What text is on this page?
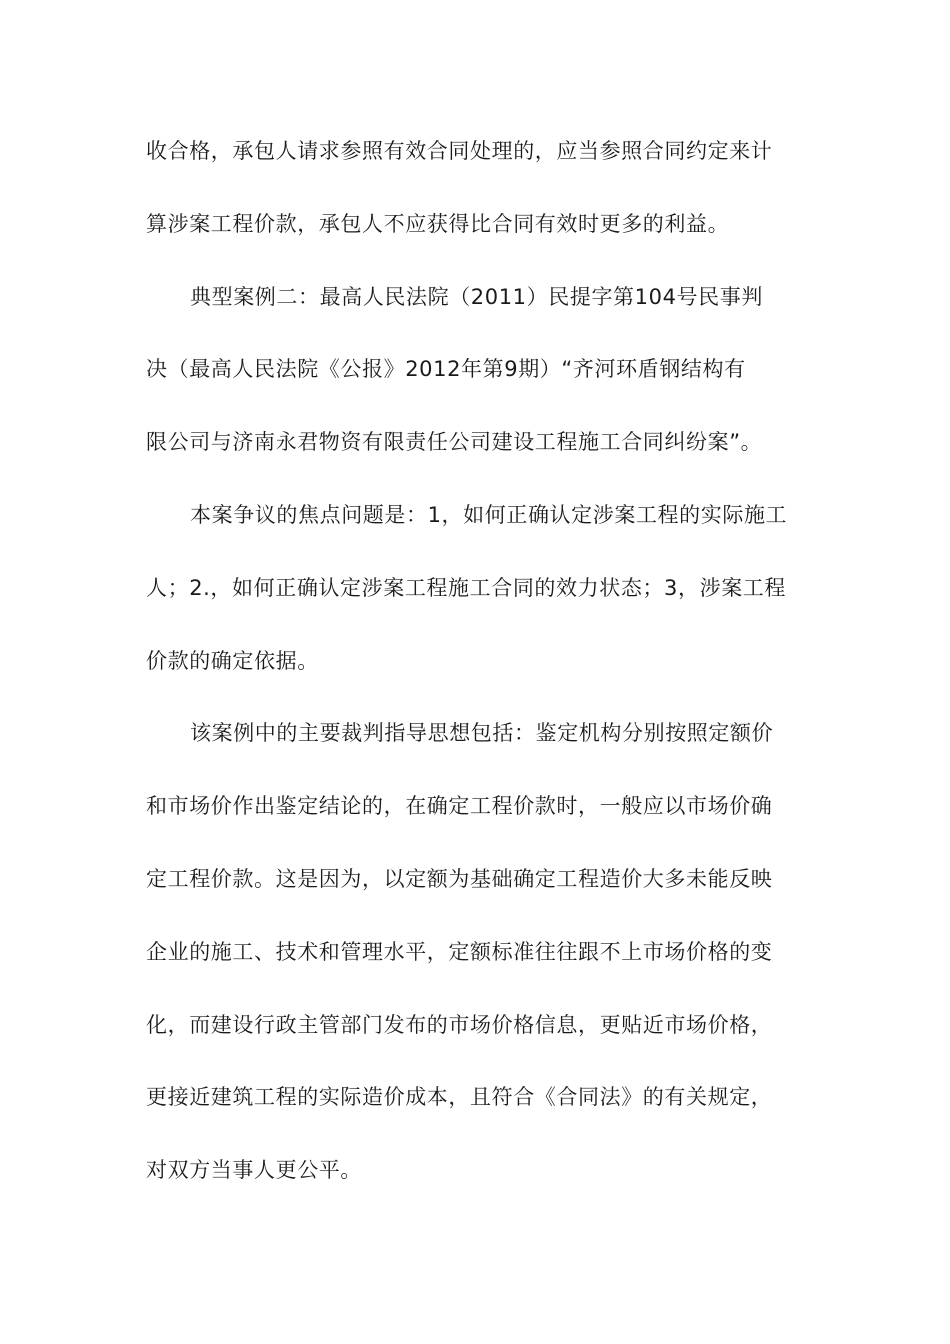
收合格，承包人请求参照有效合同处理的，应当参照合同约定来计
算涉案工程价款，承包人不应获得比合同有效时更多的利益。
典型案例二：最高人民法院（2011）民提字第104号民事判
决（最高人民法院《公报》2012年第9期）“齐河环盾钢结构有
限公司与济南永君物资有限责任公司建设工程施工合同纠纷案”。
本案争议的焦点问题是：1，如何正确认定涉案工程的实际施工
人；2.，如何正确认定涉案工程施工合同的效力状态；3，涉案工程
价款的确定依据。
该案例中的主要裁判指导思想包括：鉴定机构分别按照定额价
和市场价作出鉴定结论的，在确定工程价款时，一般应以市场价确
定工程价款。这是因为，以定额为基础确定工程造价大多未能反映
企业的施工、技术和管理水平，定额标准往往跟不上市场价格的变
化，而建设行政主管部门发布的市场价格信息，更贴近市场价格，
更接近建筑工程的实际造价成本，且符合《合同法》的有关规定，
对双方当事人更公平。
